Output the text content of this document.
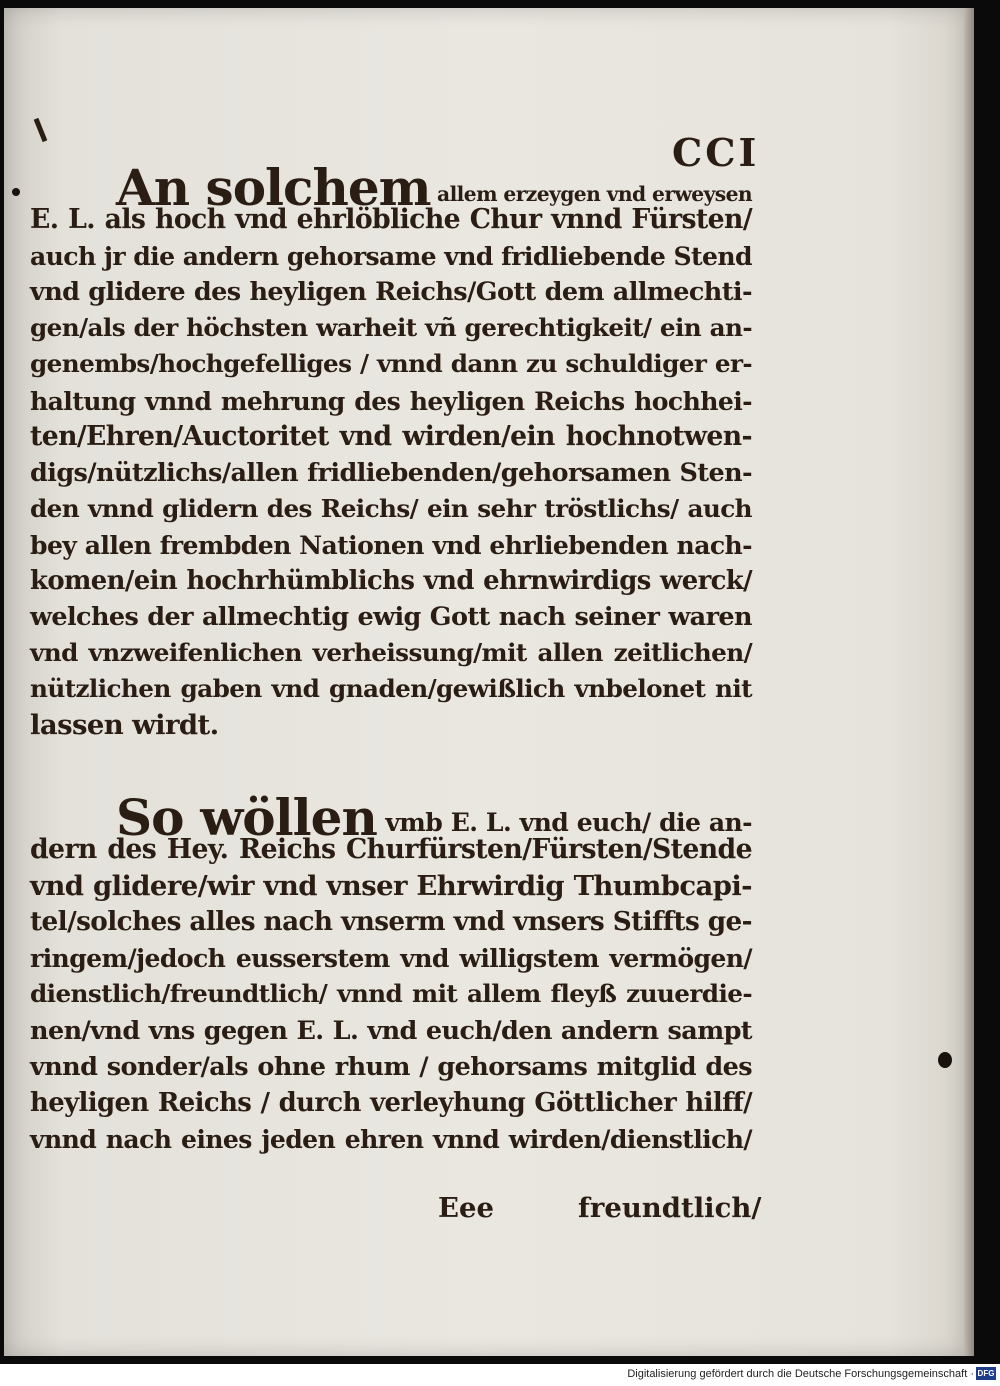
CCI
An solchem allem erzeygen vnd erweysen
E. L. als hoch vnd ehrlöbliche Chur vnnd Fürsten/
auch jr die andern gehorsame vnd fridliebende Stend
vnd glidere des heyligen Reichs/Gott dem allmechti-
gen/als der höchsten warheit vñ gerechtigkeit/ ein an-
genembs/hochgefelliges / vnnd dann zu schuldiger er-
haltung vnnd mehrung des heyligen Reichs hochhei-
ten/Ehren/Auctoritet vnd wirden/ein hochnotwen-
digs/nützlichs/allen fridliebenden/gehorsamen Sten-
den vnnd glidern des Reichs/ ein sehr tröstlichs/ auch
bey allen frembden Nationen vnd ehrliebenden nach-
komen/ein hochrhümblichs vnd ehrnwirdigs werck/
welches der allmechtig ewig Gott nach seiner waren
vnd vnzweifenlichen verheissung/mit allen zeitlichen/
nützlichen gaben vnd gnaden/gewißlich vnbelonet nit
lassen wirdt.
So wöllen vmb E. L. vnd euch/ die an-
dern des Hey. Reichs Churfürsten/Fürsten/Stende
vnd glidere/wir vnd vnser Ehrwirdig Thumbcapi-
tel/solches alles nach vnserm vnd vnsers Stiffts ge-
ringem/jedoch eusserstem vnd willigstem vermögen/
dienstlich/freundtlich/ vnnd mit allem fleyß zuuerdie-
nen/vnd vns gegen E. L. vnd euch/den andern sampt
vnnd sonder/als ohne rhum / gehorsams mitglid des
heyligen Reichs / durch verleyhung Göttlicher hilff/
vnnd nach eines jeden ehren vnnd wirden/dienstlich/
Eee	freundtlich/
Digitalisierung gefördert durch die Deutsche Forschungsgemeinschaft · DFG
